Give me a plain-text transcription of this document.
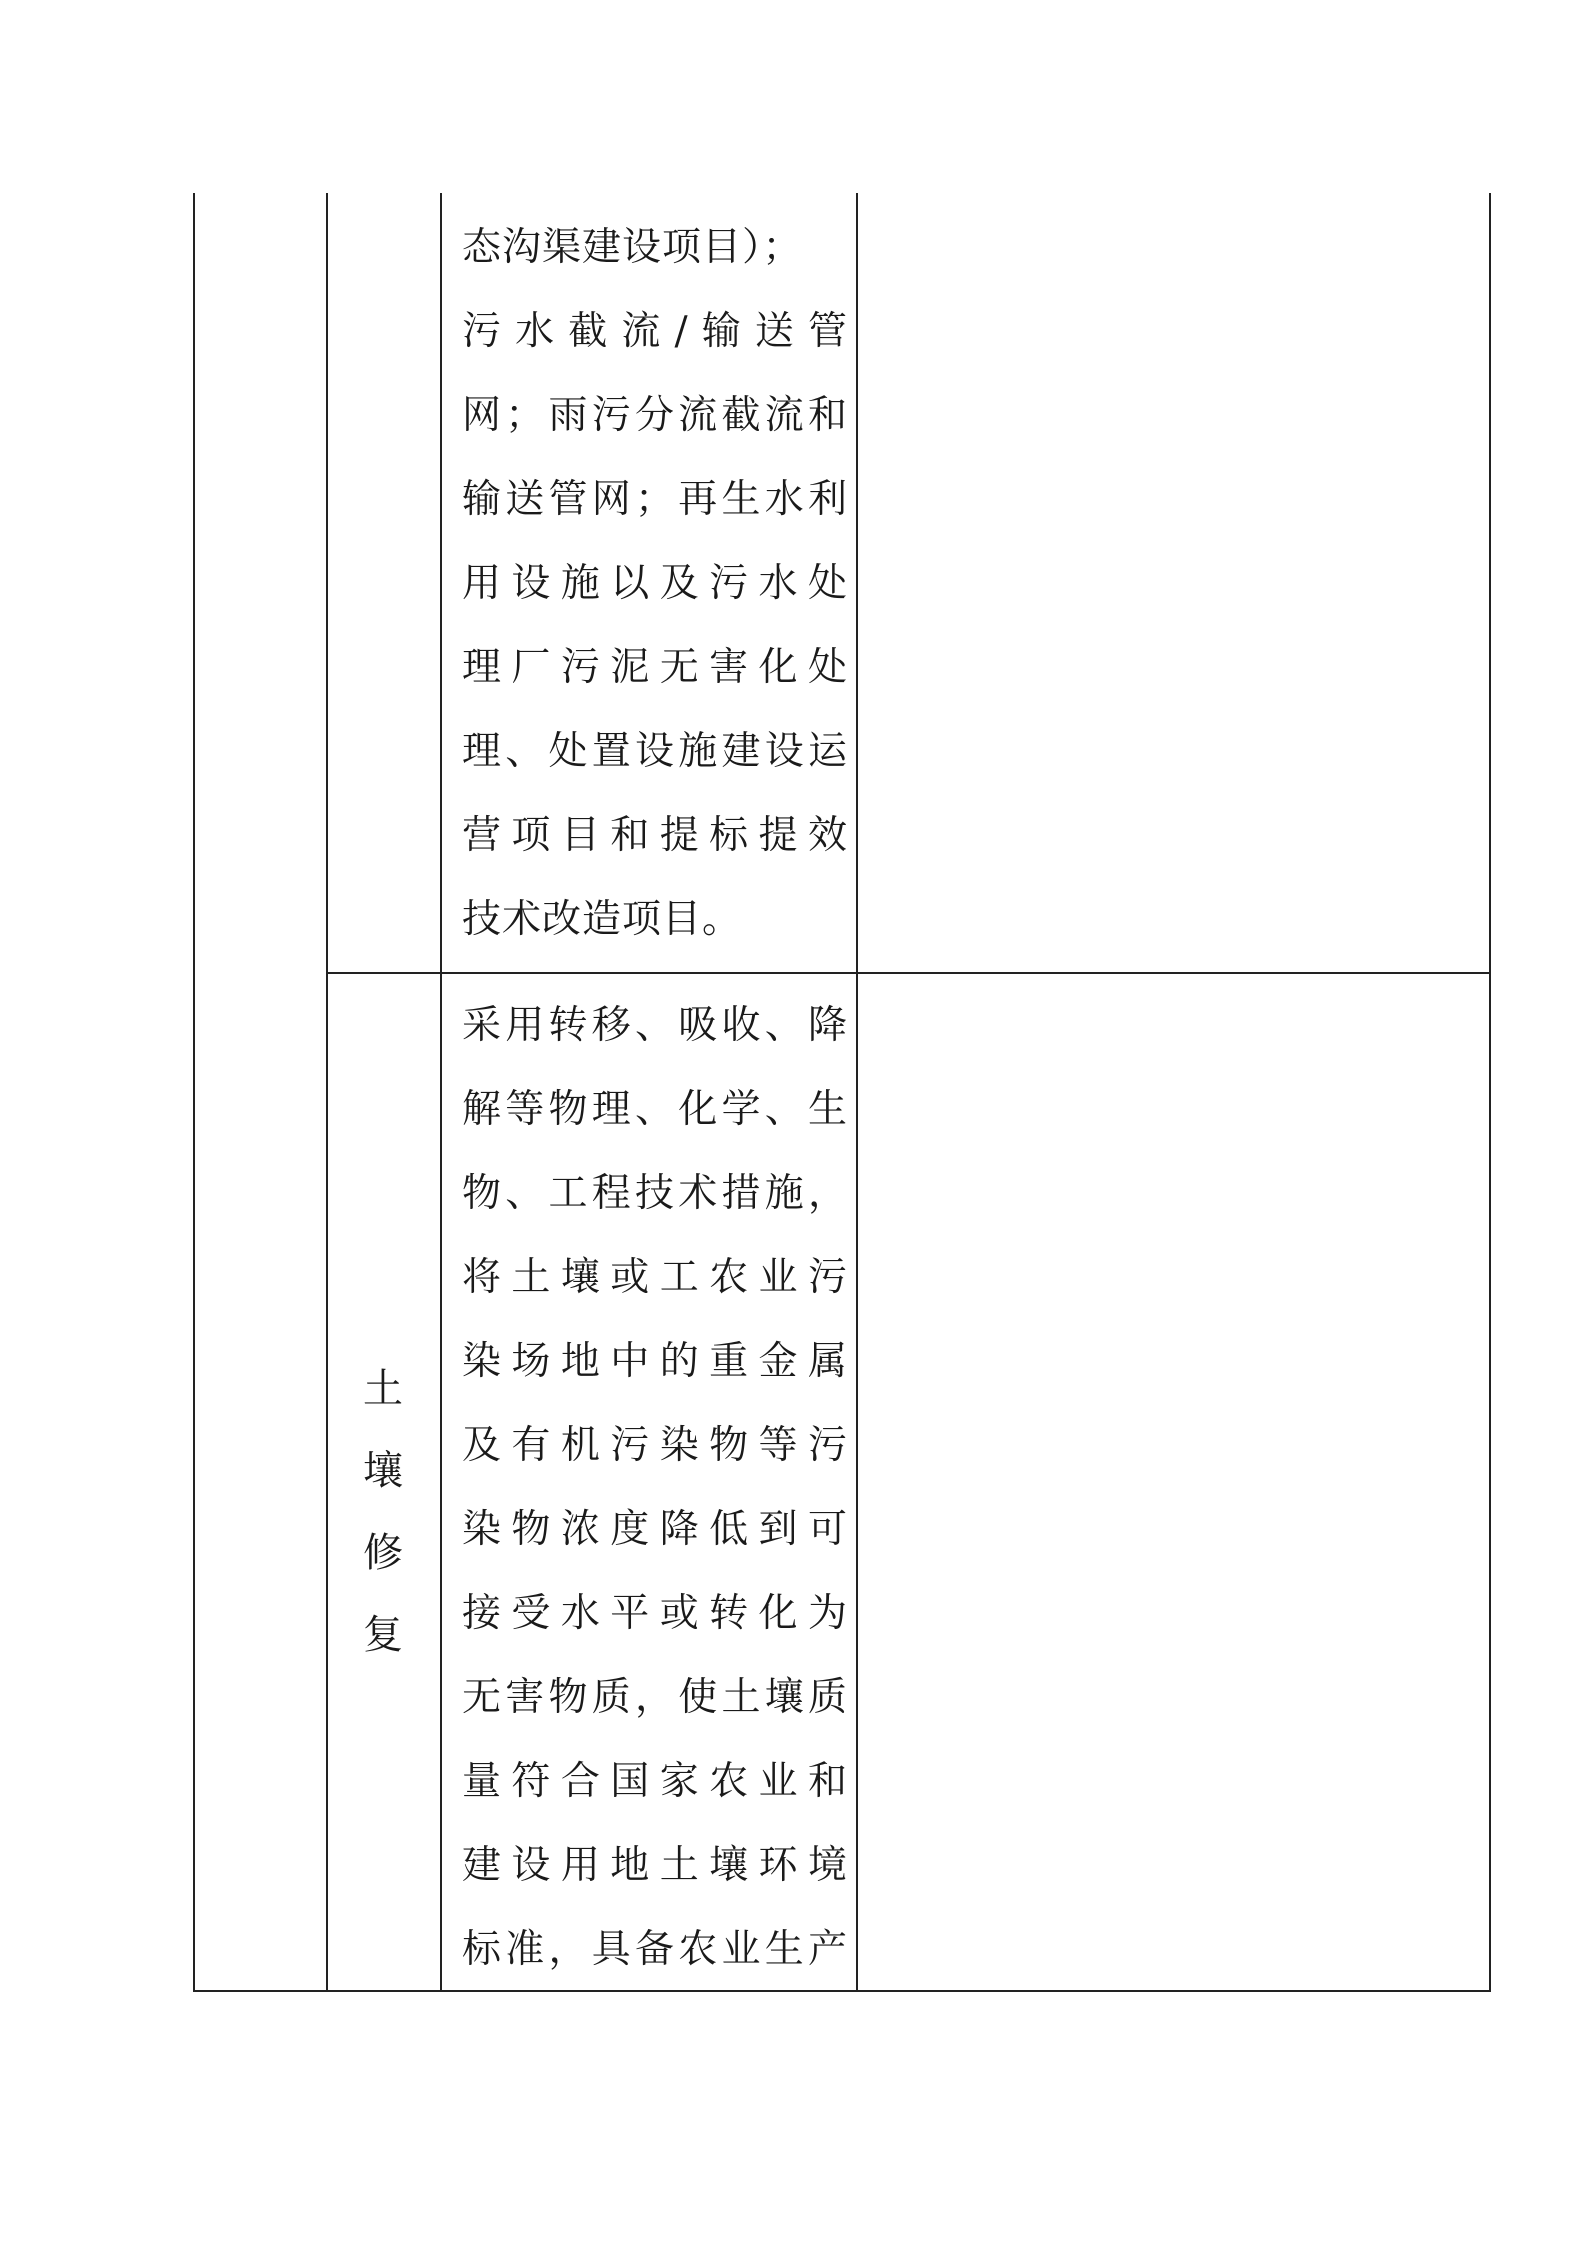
态沟渠建设项目）；
污水截流/输送管
网；雨污分流截流和
输送管网；再生水利
用设施以及污水处
理厂污泥无害化处
理、处置设施建设运
营项目和提标提效
技术改造项目。
土
壤
修
复
采用转移、吸收、降
解等物理、化学、生
物、工程技术措施，
将土壤或工农业污
染场地中的重金属
及有机污染物等污
染物浓度降低到可
接受水平或转化为
无害物质，使土壤质
量符合国家农业和
建设用地土壤环境
标准，具备农业生产
